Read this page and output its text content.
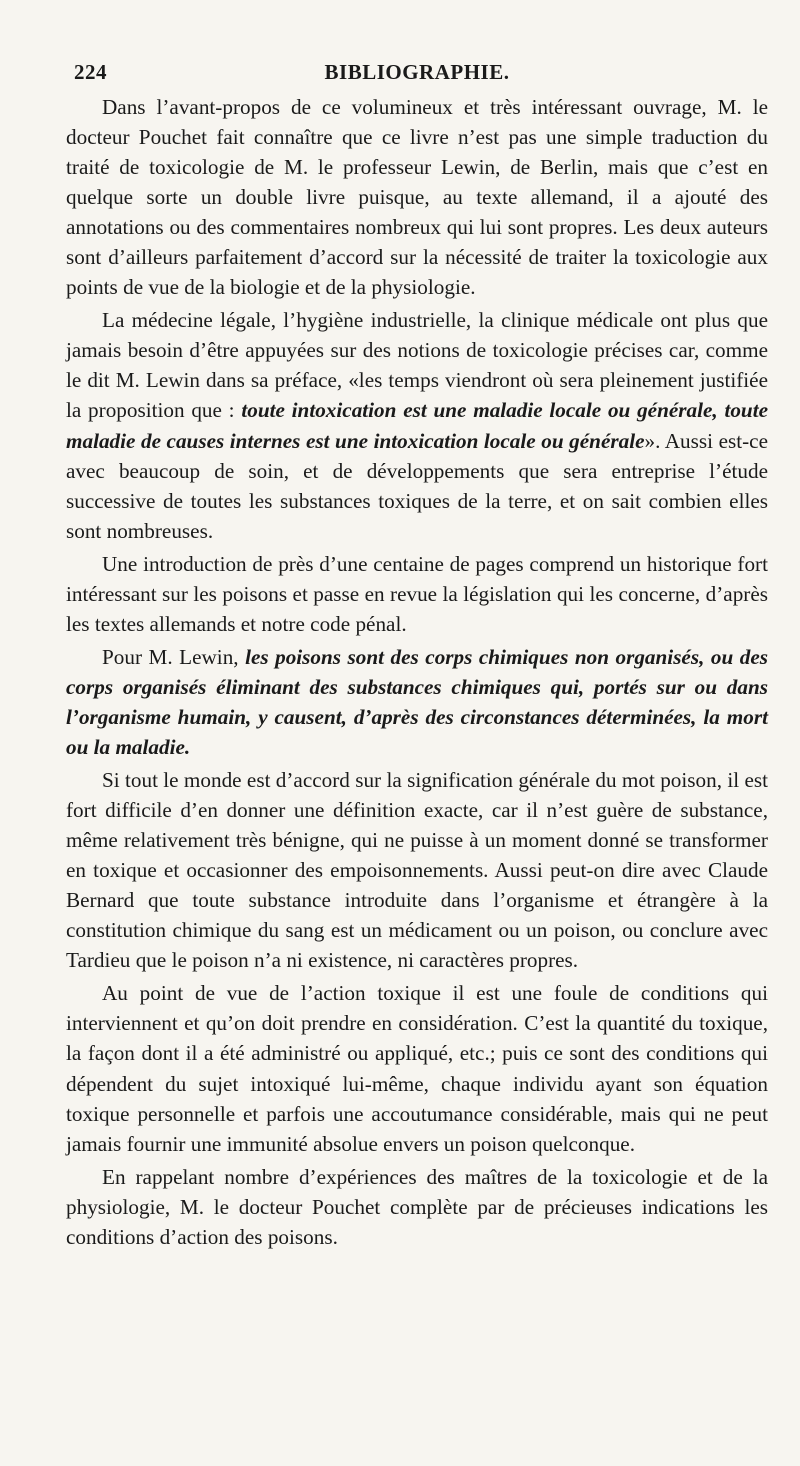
224	BIBLIOGRAPHIE.

Dans l’avant-propos de ce volumineux et très intéressant ouvrage, M. le docteur Pouchet fait connaître que ce livre n’est pas une simple traduction du traité de toxicologie de M. le professeur Lewin, de Berlin, mais que c’est en quelque sorte un double livre puisque, au texte allemand, il a ajouté des annotations ou des commentaires nombreux qui lui sont propres. Les deux auteurs sont d’ailleurs parfaitement d’accord sur la nécessité de traiter la toxicologie aux points de vue de la biologie et de la physiologie.

La médecine légale, l’hygiène industrielle, la clinique médicale ont plus que jamais besoin d’être appuyées sur des notions de toxicologie précises car, comme le dit M. Lewin dans sa préface, «les temps viendront où sera pleinement justifiée la proposition que : toute intoxication est une maladie locale ou générale, toute maladie de causes internes est une intoxication locale ou générale». Aussi est-ce avec beaucoup de soin, et de développements que sera entreprise l’étude successive de toutes les substances toxiques de la terre, et on sait combien elles sont nombreuses.

Une introduction de près d’une centaine de pages comprend un historique fort intéressant sur les poisons et passe en revue la législation qui les concerne, d’après les textes allemands et notre code pénal.

Pour M. Lewin, les poisons sont des corps chimiques non organisés, ou des corps organisés éliminant des substances chimiques qui, portés sur ou dans l’organisme humain, y causent, d’après des circonstances déterminées, la mort ou la maladie.

Si tout le monde est d’accord sur la signification générale du mot poison, il est fort difficile d’en donner une définition exacte, car il n’est guère de substance, même relativement très bénigne, qui ne puisse à un moment donné se transformer en toxique et occasionner des empoisonnements. Aussi peut-on dire avec Claude Bernard que toute substance introduite dans l’organisme et étrangère à la constitution chimique du sang est un médicament ou un poison, ou conclure avec Tardieu que le poison n’a ni existence, ni caractères propres.

Au point de vue de l’action toxique il est une foule de conditions qui interviennent et qu’on doit prendre en considération. C’est la quantité du toxique, la façon dont il a été administré ou appliqué, etc.; puis ce sont des conditions qui dépendent du sujet intoxiqué lui-même, chaque individu ayant son équation toxique personnelle et parfois une accoutumance considérable, mais qui ne peut jamais fournir une immunité absolue envers un poison quelconque.

En rappelant nombre d’expériences des maîtres de la toxicologie et de la physiologie, M. le docteur Pouchet complète par de précieuses indications les conditions d’action des poisons.
